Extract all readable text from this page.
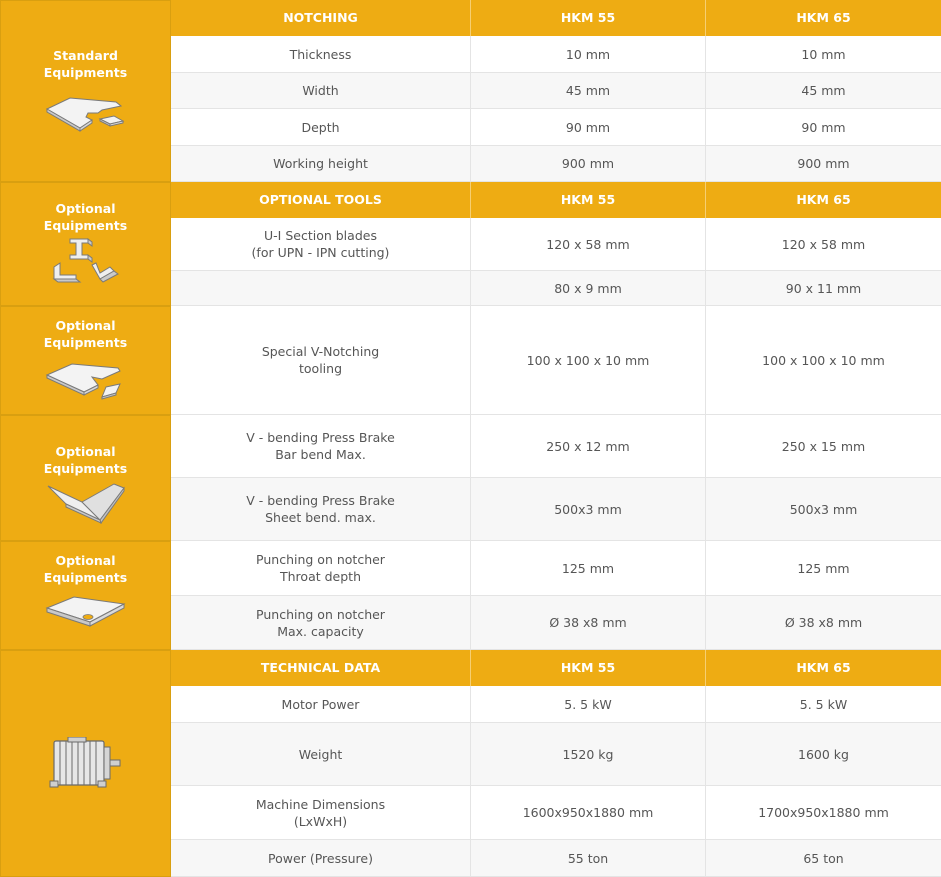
Standard
Equipments
NOTCHING	HKM 55	HKM 65
Thickness	10 mm	10 mm
Width	45 mm	45 mm
Depth	90 mm	90 mm
Working height	900 mm	900 mm
Optional
Equipments
OPTIONAL TOOLS	HKM 55	HKM 65
U-I Section blades
(for UPN - IPN cutting)
120 x 58 mm	120 x 58 mm
80 x 9 mm	90 x 11 mm
Optional
Equipments
Special V-Notching
tooling
100 x 100 x 10 mm	100 x 100 x 10 mm
Optional
Equipments
V - bending Press Brake
Bar bend Max.
250 x 12 mm	250 x 15 mm
V - bending Press Brake
Sheet bend. max.
500x3 mm	500x3 mm
Optional
Equipments
Punching on notcher
Throat depth
125 mm	125 mm
Punching on notcher
Max. capacity
Ø 38 x8 mm	Ø 38 x8 mm
TECHNICAL DATA	HKM 55	HKM 65
Motor Power	5. 5 kW	5. 5 kW
Weight	1520 kg	1600 kg
Machine Dimensions
(LxWxH)
1600x950x1880 mm	1700x950x1880 mm
Power (Pressure)	55 ton	65 ton
